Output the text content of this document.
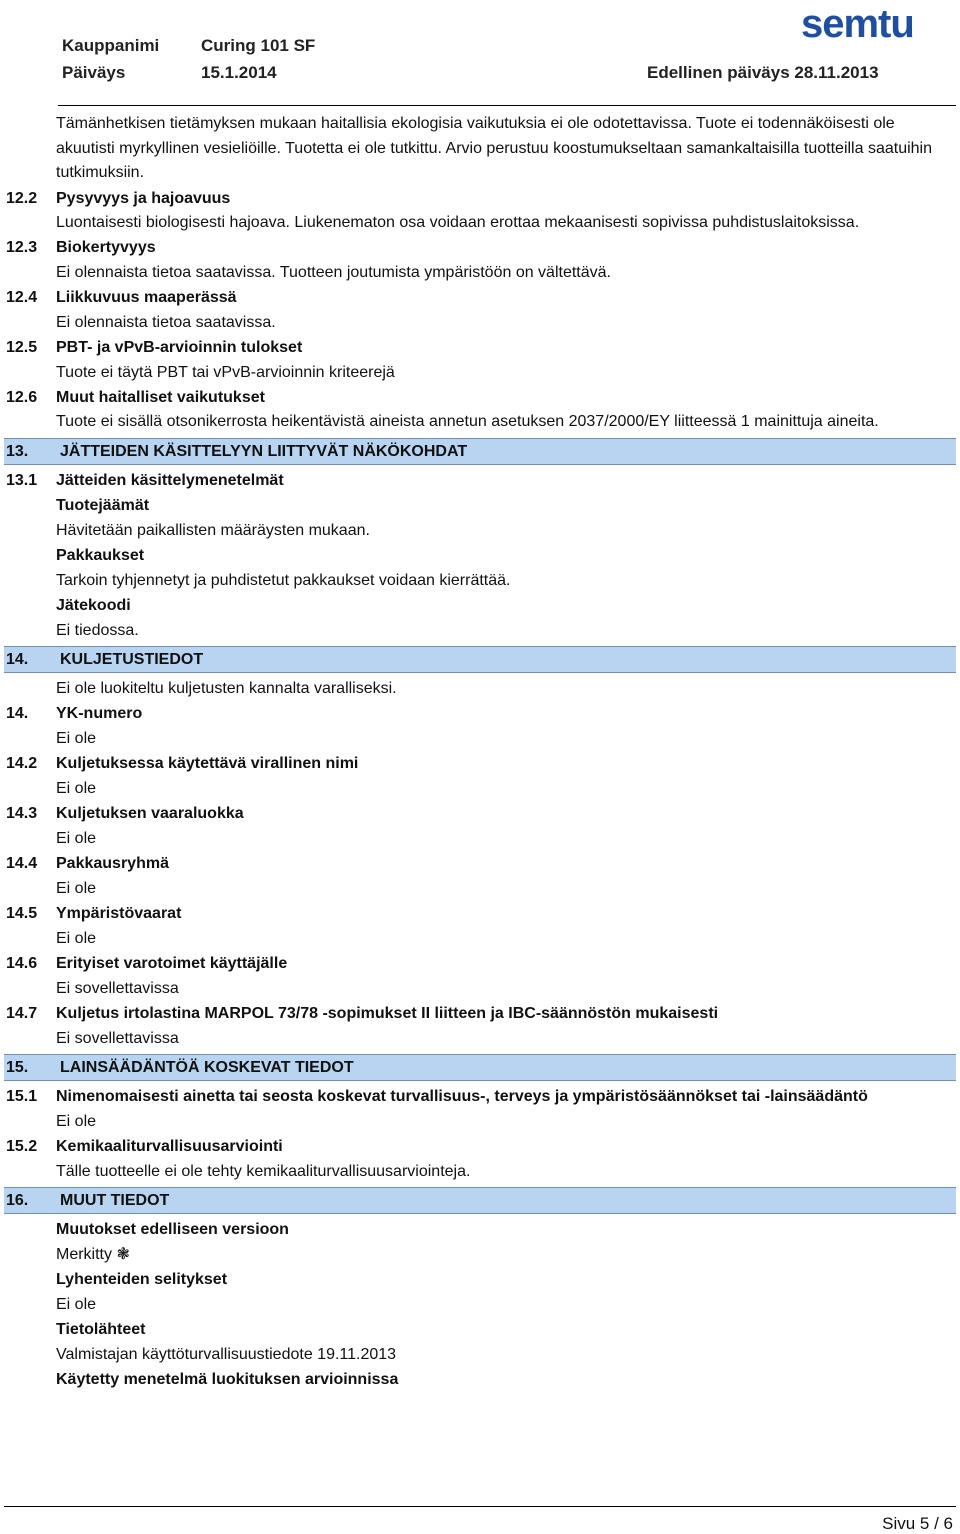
Kauppanimi Curing 101 SF
Päiväys	15.1.2014	Edellinen päiväys 28.11.2013
semtu
Tämänhetkisen tietämyksen mukaan haitallisia ekologisia vaikutuksia ei ole odotettavissa. Tuote ei todennäköisesti ole akuutisti myrkyllinen vesieliöille. Tuotetta ei ole tutkittu. Arvio perustuu koostumukseltaan samankaltaisilla tuotteilla saatuihin tutkimuksiin.
12.2	Pysyvyys ja hajoavuus
Luontaisesti biologisesti hajoava. Liukenematon osa voidaan erottaa mekaanisesti sopivissa puhdistuslaitoksissa.
12.3	Biokertyvyys
Ei olennaista tietoa saatavissa. Tuotteen joutumista ympäristöön on vältettävä.
12.4	Liikkuvuus maaperässä
Ei olennaista tietoa saatavissa.
12.5	PBT- ja vPvB-arvioinnin tulokset
Tuote ei täytä PBT tai vPvB-arvioinnin kriteerejä
12.6	Muut haitalliset vaikutukset
Tuote ei sisällä otsonikerrosta heikentävistä aineista annetun asetuksen 2037/2000/EY liitteessä 1 mainittuja aineita.
13.	JÄTTEIDEN KÄSITTELYYN LIITTYVÄT NÄKÖKOHDAT
13.1	Jätteiden käsittelymenetelmät
Tuotejäämät
Hävitetään paikallisten määräysten mukaan.
Pakkaukset
Tarkoin tyhjennetyt ja puhdistetut pakkaukset voidaan kierrättää.
Jätekoodi
Ei tiedossa.
14.	KULJETUSTIEDOT
Ei ole luokiteltu kuljetusten kannalta varalliseksi.
14.	YK-numero
Ei ole
14.2	Kuljetuksessa käytettävä virallinen nimi
Ei ole
14.3	Kuljetuksen vaaraluokka
Ei ole
14.4	Pakkausryhmä
Ei ole
14.5	Ympäristövaarat
Ei ole
14.6	Erityiset varotoimet käyttäjälle
Ei sovellettavissa
14.7	Kuljetus irtolastina MARPOL 73/78 -sopimukset II liitteen ja IBC-säännöstön mukaisesti
Ei sovellettavissa
15.	LAINSÄÄDÄNTÖÄ KOSKEVAT TIEDOT
15.1	Nimenomaisesti ainetta tai seosta koskevat turvallisuus-, terveys ja ympäristösäännökset tai -lainsäädäntö
Ei ole
15.2	Kemikaaliturvallisuusarviointi
Tälle tuotteelle ei ole tehty kemikaaliturvallisuusarviointeja.
16.	MUUT TIEDOT
Muutokset edelliseen versioon
Merkitty ❃
Lyhenteiden selitykset
Ei ole
Tietolähteet
Valmistajan käyttöturvallisuustiedote 19.11.2013
Käytetty menetelmä luokituksen arvioinnissa
Sivu 5 / 6
